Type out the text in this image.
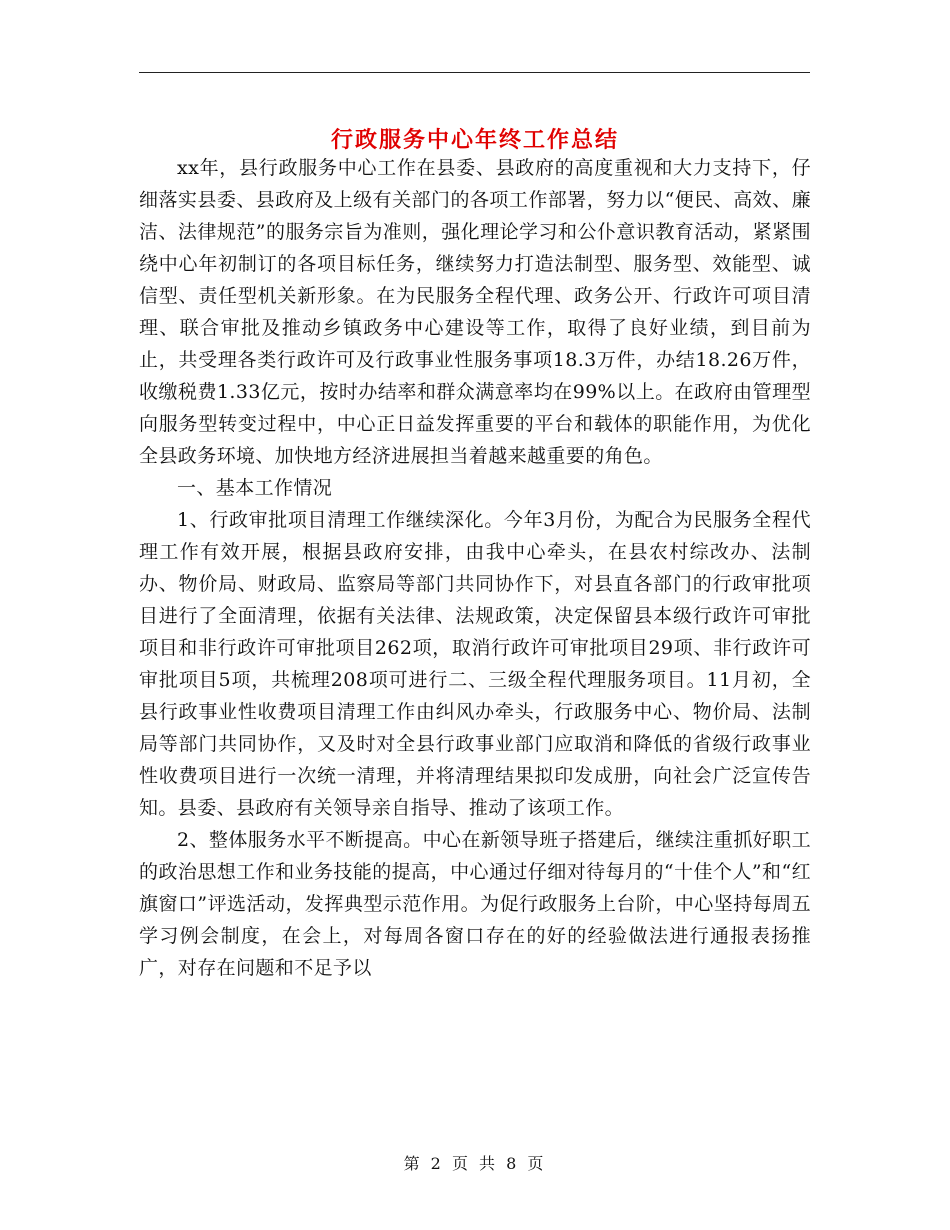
行政服务中心年终工作总结

xx年，县行政服务中心工作在县委、县政府的高度重视和大力支持下，仔细落实县委、县政府及上级有关部门的各项工作部署，努力以“便民、高效、廉洁、法律规范”的服务宗旨为准则，强化理论学习和公仆意识教育活动，紧紧围绕中心年初制订的各项目标任务，继续努力打造法制型、服务型、效能型、诚信型、责任型机关新形象。在为民服务全程代理、政务公开、行政许可项目清理、联合审批及推动乡镇政务中心建设等工作，取得了良好业绩，到目前为止，共受理各类行政许可及行政事业性服务事项18.3万件，办结18.26万件，收缴税费1.33亿元，按时办结率和群众满意率均在99%以上。在政府由管理型向服务型转变过程中，中心正日益发挥重要的平台和载体的职能作用，为优化全县政务环境、加快地方经济进展担当着越来越重要的角色。

一、基本工作情况

1、行政审批项目清理工作继续深化。今年3月份，为配合为民服务全程代理工作有效开展，根据县政府安排，由我中心牵头，在县农村综改办、法制办、物价局、财政局、监察局等部门共同协作下，对县直各部门的行政审批项目进行了全面清理，依据有关法律、法规政策，决定保留县本级行政许可审批项目和非行政许可审批项目262项，取消行政许可审批项目29项、非行政许可审批项目5项，共梳理208项可进行二、三级全程代理服务项目。11月初，全县行政事业性收费项目清理工作由纠风办牵头，行政服务中心、物价局、法制局等部门共同协作，又及时对全县行政事业部门应取消和降低的省级行政事业性收费项目进行一次统一清理，并将清理结果拟印发成册，向社会广泛宣传告知。县委、县政府有关领导亲自指导、推动了该项工作。

2、整体服务水平不断提高。中心在新领导班子搭建后，继续注重抓好职工的政治思想工作和业务技能的提高，中心通过仔细对待每月的“十佳个人”和“红旗窗口”评选活动，发挥典型示范作用。为促行政服务上台阶，中心坚持每周五学习例会制度，在会上，对每周各窗口存在的好的经验做法进行通报表扬推广，对存在问题和不足予以

第 2 页 共 8 页
